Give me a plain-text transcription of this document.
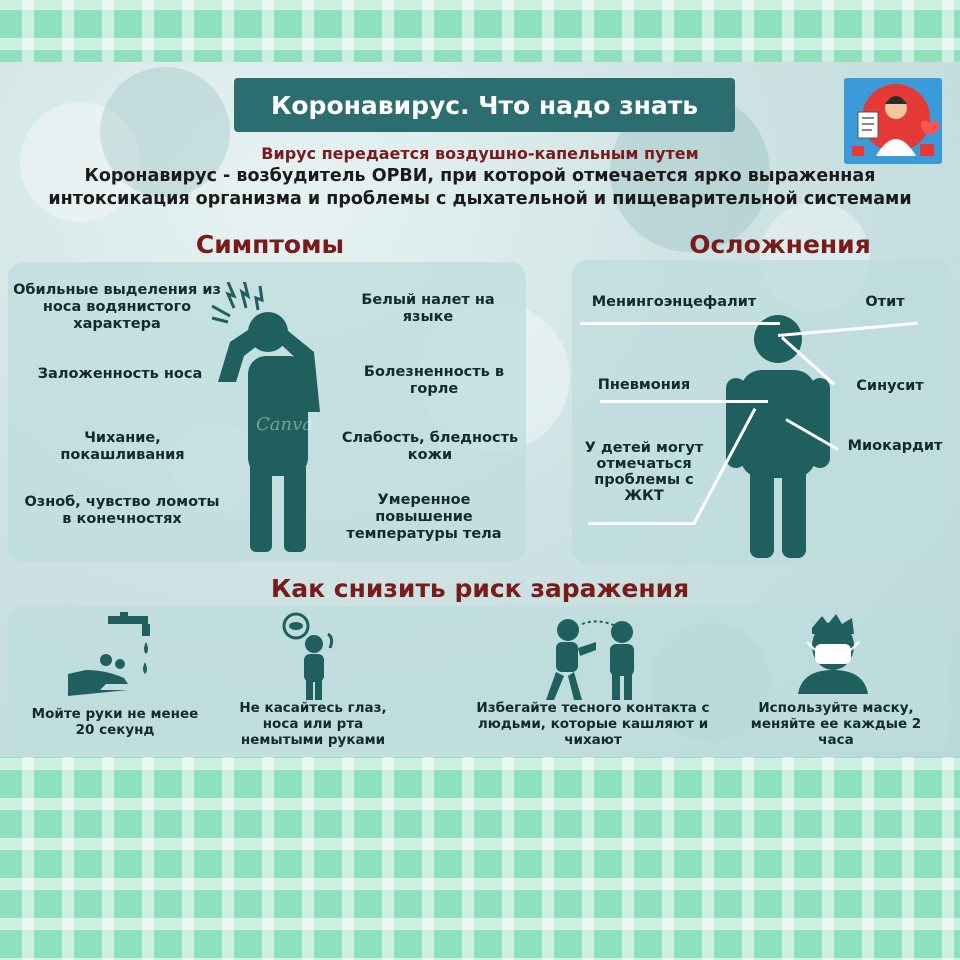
Коронавирус. Что надо знать
Вирус передается воздушно-капельным путем
Коронавирус - возбудитель ОРВИ, при которой отмечается ярко выраженная
интоксикация организма и проблемы с дыхательной и пищеварительной системами
Симптомы
Обильные выделения из носа водянистого характера
Заложенность носа
Чихание, покашливания
Озноб, чувство ломоты в конечностях
Белый налет на языке
Болезненность в горле
Слабость, бледность кожи
Умеренное повышение температуры тела
Canva
Осложнения
Менингоэнцефалит	Отит
Пневмония	Синусит
У детей могут отмечаться проблемы с ЖКТ
Миокардит
Как снизить риск заражения
Мойте руки не менее 20 секунд
Не касайтесь глаз, носа или рта немытыми руками
Избегайте тесного контакта с людьми, которые кашляют и чихают
Используйте маску, меняйте ее каждые 2 часа
